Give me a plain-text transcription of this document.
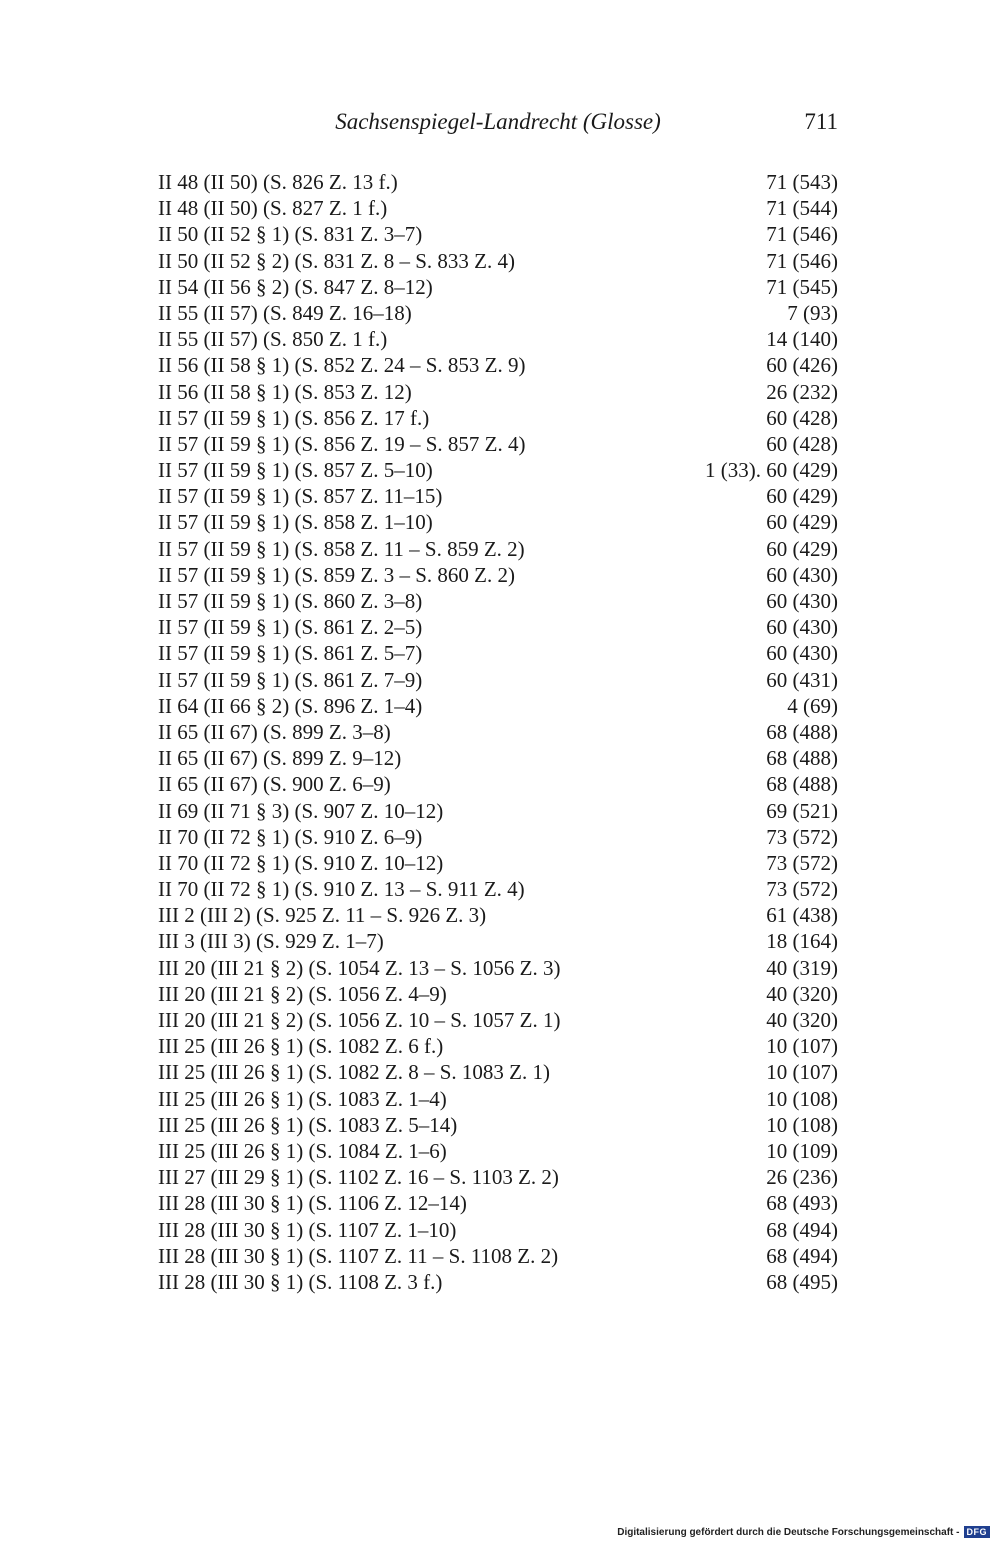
Sachsenspiegel-Landrecht (Glosse)	711
II 48 (II 50) (S. 826 Z. 13 f.)	71 (543)
II 48 (II 50) (S. 827 Z. 1 f.)	71 (544)
II 50 (II 52 § 1) (S. 831 Z. 3–7)	71 (546)
II 50 (II 52 § 2) (S. 831 Z. 8 – S. 833 Z. 4)	71 (546)
II 54 (II 56 § 2) (S. 847 Z. 8–12)	71 (545)
II 55 (II 57) (S. 849 Z. 16–18)	7 (93)
II 55 (II 57) (S. 850 Z. 1 f.)	14 (140)
II 56 (II 58 § 1) (S. 852 Z. 24 – S. 853 Z. 9)	60 (426)
II 56 (II 58 § 1) (S. 853 Z. 12)	26 (232)
II 57 (II 59 § 1) (S. 856 Z. 17 f.)	60 (428)
II 57 (II 59 § 1) (S. 856 Z. 19 – S. 857 Z. 4)	60 (428)
II 57 (II 59 § 1) (S. 857 Z. 5–10)	1 (33). 60 (429)
II 57 (II 59 § 1) (S. 857 Z. 11–15)	60 (429)
II 57 (II 59 § 1) (S. 858 Z. 1–10)	60 (429)
II 57 (II 59 § 1) (S. 858 Z. 11 – S. 859 Z. 2)	60 (429)
II 57 (II 59 § 1) (S. 859 Z. 3 – S. 860 Z. 2)	60 (430)
II 57 (II 59 § 1) (S. 860 Z. 3–8)	60 (430)
II 57 (II 59 § 1) (S. 861 Z. 2–5)	60 (430)
II 57 (II 59 § 1) (S. 861 Z. 5–7)	60 (430)
II 57 (II 59 § 1) (S. 861 Z. 7–9)	60 (431)
II 64 (II 66 § 2) (S. 896 Z. 1–4)	4 (69)
II 65 (II 67) (S. 899 Z. 3–8)	68 (488)
II 65 (II 67) (S. 899 Z. 9–12)	68 (488)
II 65 (II 67) (S. 900 Z. 6–9)	68 (488)
II 69 (II 71 § 3) (S. 907 Z. 10–12)	69 (521)
II 70 (II 72 § 1) (S. 910 Z. 6–9)	73 (572)
II 70 (II 72 § 1) (S. 910 Z. 10–12)	73 (572)
II 70 (II 72 § 1) (S. 910 Z. 13 – S. 911 Z. 4)	73 (572)
III 2 (III 2) (S. 925 Z. 11 – S. 926 Z. 3)	61 (438)
III 3 (III 3) (S. 929 Z. 1–7)	18 (164)
III 20 (III 21 § 2) (S. 1054 Z. 13 – S. 1056 Z. 3)	40 (319)
III 20 (III 21 § 2) (S. 1056 Z. 4–9)	40 (320)
III 20 (III 21 § 2) (S. 1056 Z. 10 – S. 1057 Z. 1)	40 (320)
III 25 (III 26 § 1) (S. 1082 Z. 6 f.)	10 (107)
III 25 (III 26 § 1) (S. 1082 Z. 8 – S. 1083 Z. 1)	10 (107)
III 25 (III 26 § 1) (S. 1083 Z. 1–4)	10 (108)
III 25 (III 26 § 1) (S. 1083 Z. 5–14)	10 (108)
III 25 (III 26 § 1) (S. 1084 Z. 1–6)	10 (109)
III 27 (III 29 § 1) (S. 1102 Z. 16 – S. 1103 Z. 2)	26 (236)
III 28 (III 30 § 1) (S. 1106 Z. 12–14)	68 (493)
III 28 (III 30 § 1) (S. 1107 Z. 1–10)	68 (494)
III 28 (III 30 § 1) (S. 1107 Z. 11 – S. 1108 Z. 2)	68 (494)
III 28 (III 30 § 1) (S. 1108 Z. 3 f.)	68 (495)
Digitalisierung gefördert durch die Deutsche Forschungsgemeinschaft - DFG
